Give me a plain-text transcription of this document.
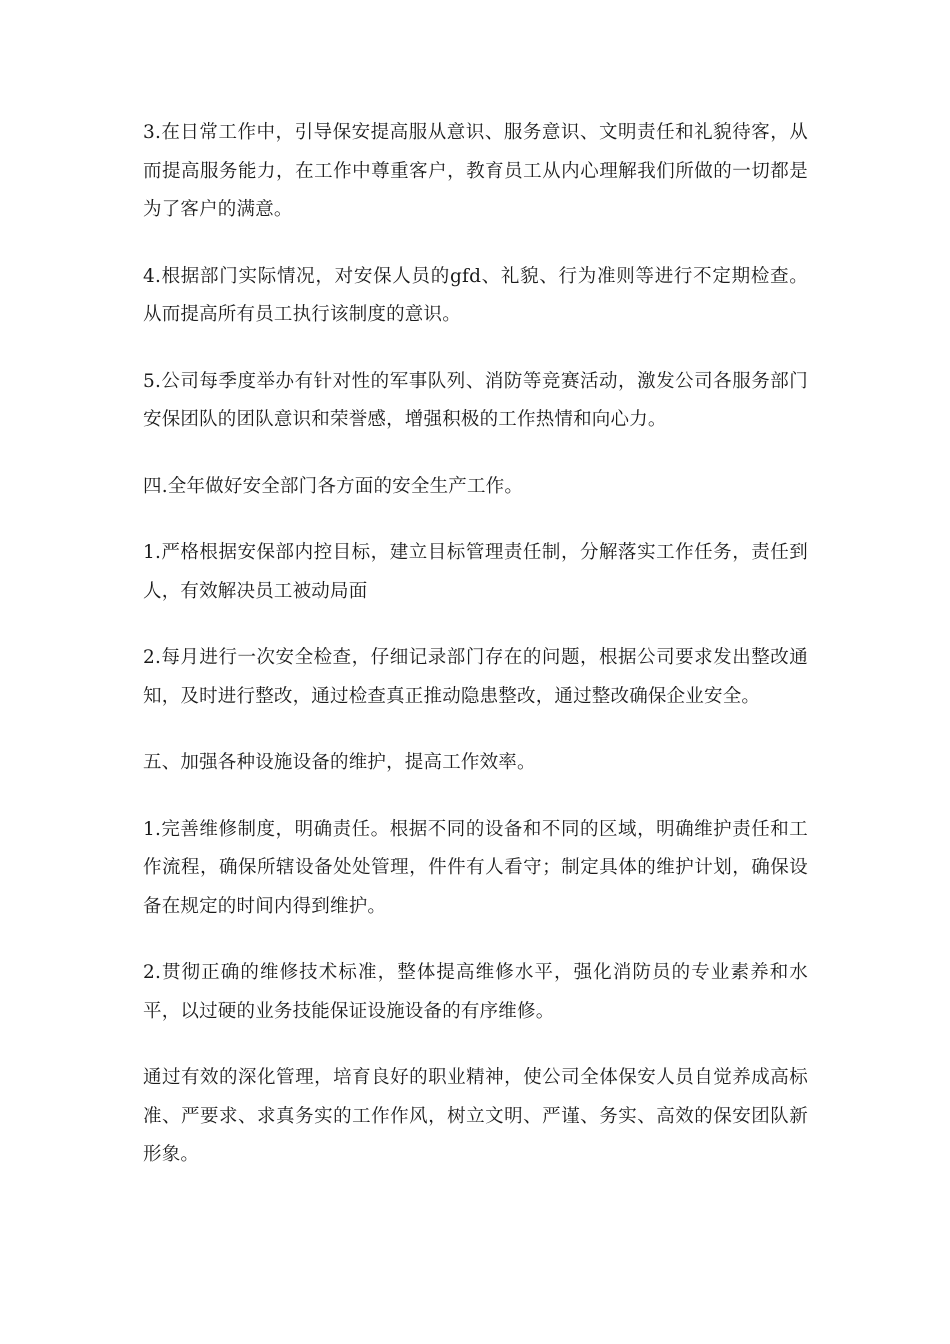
3.在日常工作中，引导保安提高服从意识、服务意识、文明责任和礼貌待客，从而提高服务能力，在工作中尊重客户，教育员工从内心理解我们所做的一切都是为了客户的满意。

4.根据部门实际情况，对安保人员的gfd、礼貌、行为准则等进行不定期检查。从而提高所有员工执行该制度的意识。

5.公司每季度举办有针对性的军事队列、消防等竞赛活动，激发公司各服务部门安保团队的团队意识和荣誉感，增强积极的工作热情和向心力。

四.全年做好安全部门各方面的安全生产工作。

1.严格根据安保部内控目标，建立目标管理责任制，分解落实工作任务，责任到人，有效解决员工被动局面

2.每月进行一次安全检查，仔细记录部门存在的问题，根据公司要求发出整改通知，及时进行整改，通过检查真正推动隐患整改，通过整改确保企业安全。

五、加强各种设施设备的维护，提高工作效率。

1.完善维修制度，明确责任。根据不同的设备和不同的区域，明确维护责任和工作流程，确保所辖设备处处管理，件件有人看守；制定具体的维护计划，确保设备在规定的时间内得到维护。

2.贯彻正确的维修技术标准，整体提高维修水平，强化消防员的专业素养和水平，以过硬的业务技能保证设施设备的有序维修。

通过有效的深化管理，培育良好的职业精神，使公司全体保安人员自觉养成高标准、严要求、求真务实的工作作风，树立文明、严谨、务实、高效的保安团队新形象。
